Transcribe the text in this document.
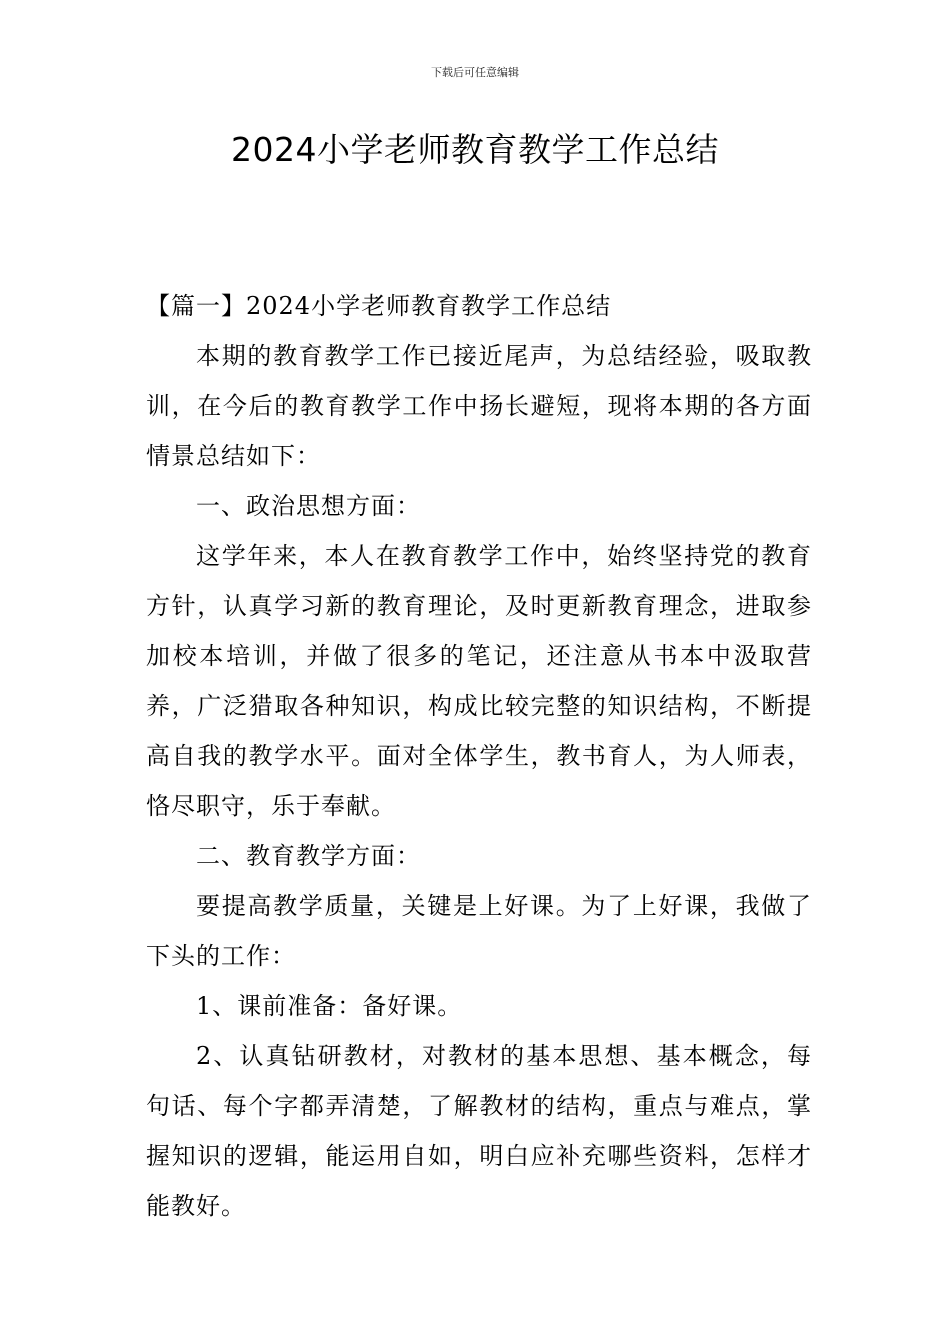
下载后可任意编辑
2024小学老师教育教学工作总结

【篇一】2024小学老师教育教学工作总结

本期的教育教学工作已接近尾声，为总结经验，吸取教训，在今后的教育教学工作中扬长避短，现将本期的各方面情景总结如下：

一、政治思想方面：

这学年来，本人在教育教学工作中，始终坚持党的教育方针，认真学习新的教育理论，及时更新教育理念，进取参加校本培训，并做了很多的笔记，还注意从书本中汲取营养，广泛猎取各种知识，构成比较完整的知识结构，不断提高自我的教学水平。面对全体学生，教书育人，为人师表，恪尽职守，乐于奉献。

二、教育教学方面：

要提高教学质量，关键是上好课。为了上好课，我做了下头的工作：

1、课前准备：备好课。

2、认真钻研教材，对教材的基本思想、基本概念，每句话、每个字都弄清楚，了解教材的结构，重点与难点，掌握知识的逻辑，能运用自如，明白应补充哪些资料，怎样才能教好。
